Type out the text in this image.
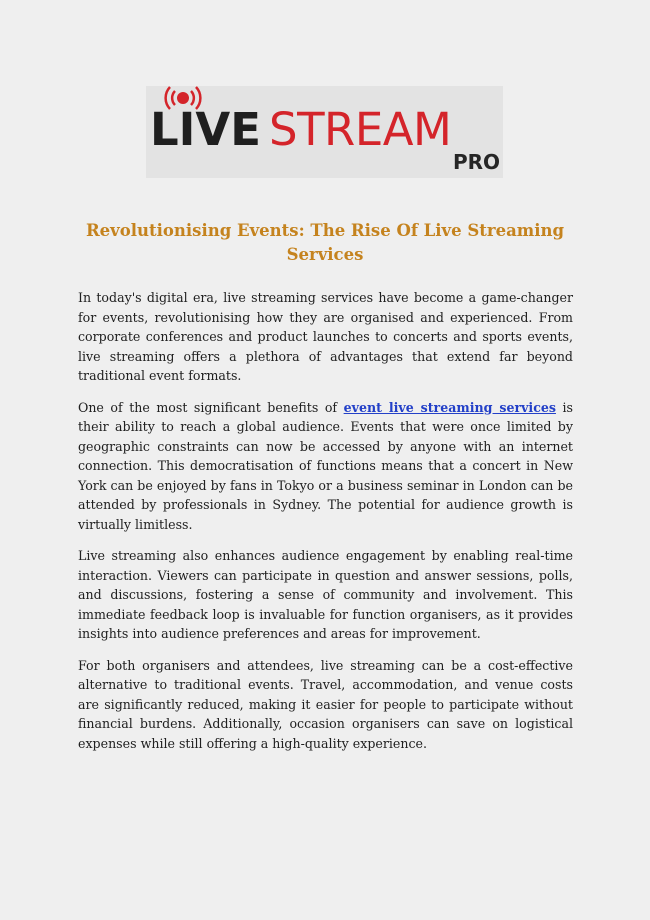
LIVE STREAM
PRO
Revolutionising Events: The Rise Of Live Streaming Services

In today's digital era, live streaming services have become a game-changer for events, revolutionising how they are organised and experienced. From corporate conferences and product launches to concerts and sports events, live streaming offers a plethora of advantages that extend far beyond traditional event formats.

One of the most significant benefits of event live streaming services is their ability to reach a global audience. Events that were once limited by geographic constraints can now be accessed by anyone with an internet connection. This democratisation of functions means that a concert in New York can be enjoyed by fans in Tokyo or a business seminar in London can be attended by professionals in Sydney. The potential for audience growth is virtually limitless.

Live streaming also enhances audience engagement by enabling real-time interaction. Viewers can participate in question and answer sessions, polls, and discussions, fostering a sense of community and involvement. This immediate feedback loop is invaluable for function organisers, as it provides insights into audience preferences and areas for improvement.

For both organisers and attendees, live streaming can be a cost-effective alternative to traditional events. Travel, accommodation, and venue costs are significantly reduced, making it easier for people to participate without financial burdens. Additionally, occasion organisers can save on logistical expenses while still offering a high-quality experience.
